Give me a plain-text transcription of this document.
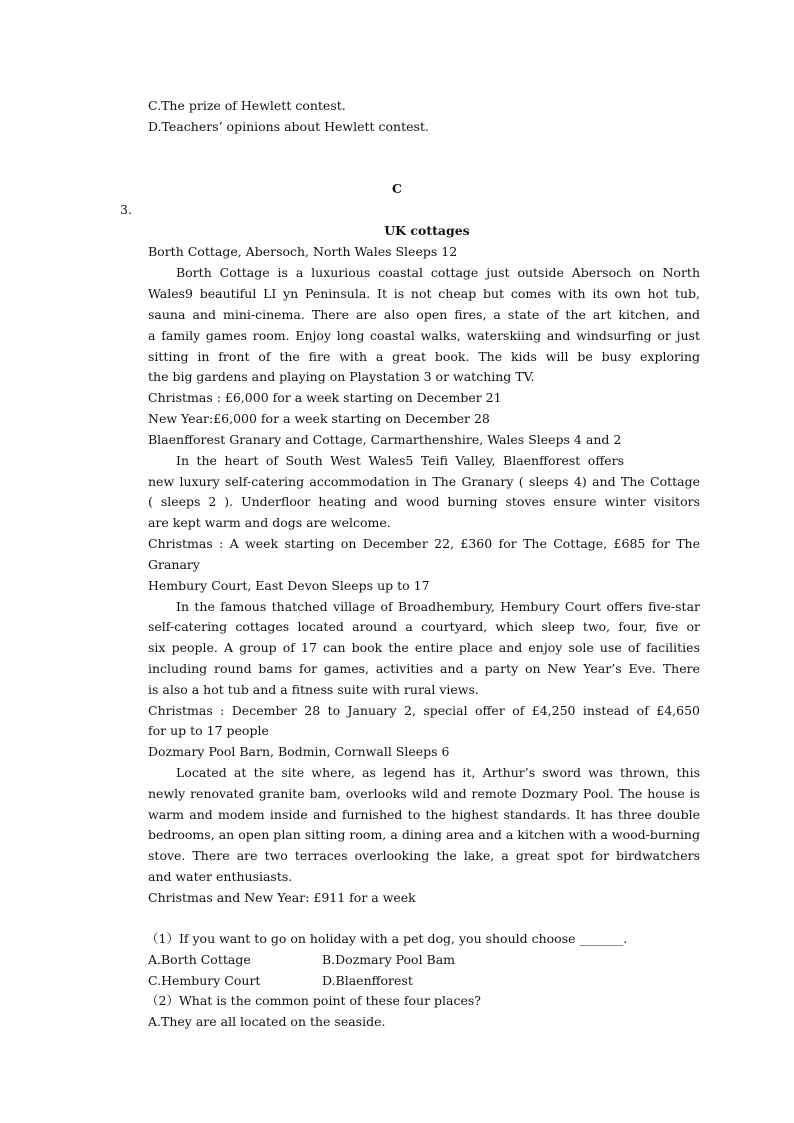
C.The prize of Hewlett contest.
D.Teachers’ opinions about Hewlett contest.
C
3.
UK cottages
Borth Cottage, Abersoch, North Wales Sleeps 12
Borth Cottage is a luxurious coastal cottage just outside Abersoch on North
Wales9 beautiful LI yn Peninsula. It is not cheap but comes with its own hot tub,
sauna and mini-cinema. There are also open fires, a state of the art kitchen, and
a family games room. Enjoy long coastal walks, waterskiing and windsurfing or just
sitting in front of the fire with a great book. The kids will be busy exploring
the big gardens and playing on Playstation 3 or watching TV.
Christmas : £6,000 for a week starting on December 21
New Year:£6,000 for a week starting on December 28
Blaenfforest Granary and Cottage, Carmarthenshire, Wales Sleeps 4 and 2
In the heart of South West Wales5 Teifi Valley, Blaenfforest offers
new luxury self-catering accommodation in The Granary ( sleeps 4) and The Cottage
( sleeps 2 ). Underfloor heating and wood burning stoves ensure winter visitors
are kept warm and dogs are welcome.
Christmas : A week starting on December 22, £360 for The Cottage, £685 for The
Granary
Hembury Court, East Devon Sleeps up to 17
In the famous thatched village of Broadhembury, Hembury Court offers five-star
self-catering cottages located around a courtyard, which sleep two, four, five or
six people. A group of 17 can book the entire place and enjoy sole use of facilities
including round bams for games, activities and a party on New Year’s Eve. There
is also a hot tub and a fitness suite with rural views.
Christmas : December 28 to January 2, special offer of £4,250 instead of £4,650
for up to 17 people
Dozmary Pool Barn, Bodmin, Cornwall Sleeps 6
Located at the site where, as legend has it, Arthur’s sword was thrown, this
newly renovated granite bam, overlooks wild and remote Dozmary Pool. The house is
warm and modem inside and furnished to the highest standards. It has three double
bedrooms, an open plan sitting room, a dining area and a kitchen with a wood-burning
stove. There are two terraces overlooking the lake, a great spot for birdwatchers
and water enthusiasts.
Christmas and New Year: £911 for a week
（1）If you want to go on holiday with a pet dog, you should choose _______.
A.Borth Cottage	B.Dozmary Pool Bam
C.Hembury Court	D.Blaenfforest
（2）What is the common point of these four places?
A.They are all located on the seaside.
